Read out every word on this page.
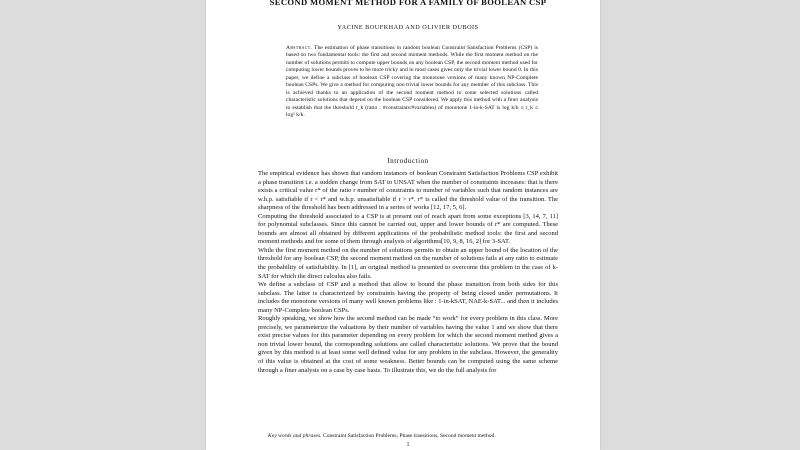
SECOND MOMENT METHOD FOR A FAMILY OF BOOLEAN CSP
YACINE BOUFKHAD AND OLIVIER DUBOIS
Abstract. The estimation of phase transitions in random boolean Constraint Satisfaction Problems (CSP) is based on two fundamental tools: the first and second moment methods. While the first moment method on the number of solutions permits to compute upper bounds on any boolean CSP, the second moment method used for computing lower bounds proves to be more tricky and in most cases gives only the trivial lower bound 0. In this paper, we define a subclass of boolean CSP covering the monotone versions of many known NP-Complete boolean CSPs. We give a method for computing non trivial lower bounds for any member of this subclass. This is achieved thanks to an application of the second moment method to some selected solutions called characteristic solutions that depend on the boolean CSP considered. We apply this method with a finer analysis to establish that the threshold r_k (ratio : #constraints/#variables) of monotone 1-in-k-SAT is log k/k ≤ r_k ≤ log² k/k.
Introduction

The empirical evidence has shown that random instances of boolean Constraint Satisfaction Problems CSP exhibit a phase transition i.e. a sudden change from SAT to UNSAT when the number of constraints increases: that is there exists a critical value r* of the ratio r number of constraints to number of variables such that random instances are w.h.p. satisfiable if r < r* and w.h.p. unsatisfiable if r > r*. r* is called the threshold value of the transition. The sharpness of the threshold has been addressed in a series of works [12, 17, 5, 6].

Computing the threshold associated to a CSP is at present out of reach apart from some exceptions [3, 14, 7, 11] for polynomial subclasses. Since this cannot be carried out, upper and lower bounds of r* are computed. These bounds are almost all obtained by different applications of the probabilistic method tools: the first and second moment methods and for some of them through analysis of algorithms[10, 9, 8, 16, 2] for 3-SAT.

While the first moment method on the number of solutions permits to obtain an upper bound of the location of the threshold for any boolean CSP, the second moment method on the number of solutions fails at any ratio to estimate the probability of satisfiability. In [1], an original method is presented to overcome this problem in the case of k-SAT for which the direct calculus also fails.

We define a subclass of CSP and a method that allow to bound the phase transition from both sides for this subclass. The latter is characterized by constraints having the property of being closed under permutations. It includes the monotone versions of many well known problems like : 1-in-kSAT, NAE-k-SAT... and then it includes many NP-Complete boolean CSPs.

Roughly speaking, we show how the second method can be made “to work” for every problem in this class. More precisely, we parameterize the valuations by their number of variables having the value 1 and we show that there exist precise values for this parameter depending on every problem for which the second moment method gives a non trivial lower bound, the corresponding solutions are called characteristic solutions. We prove that the bound given by this method is at least some well defined value for any problem in the subclass. However, the generality of this value is obtained at the cost of some weakness. Better bounds can be computed using the same scheme through a finer analysis on a case by case basis. To illustrate this, we do the full analysis for

Key words and phrases. Constraint Satisfaction Problems, Phase transitions, Second moment method.
1
